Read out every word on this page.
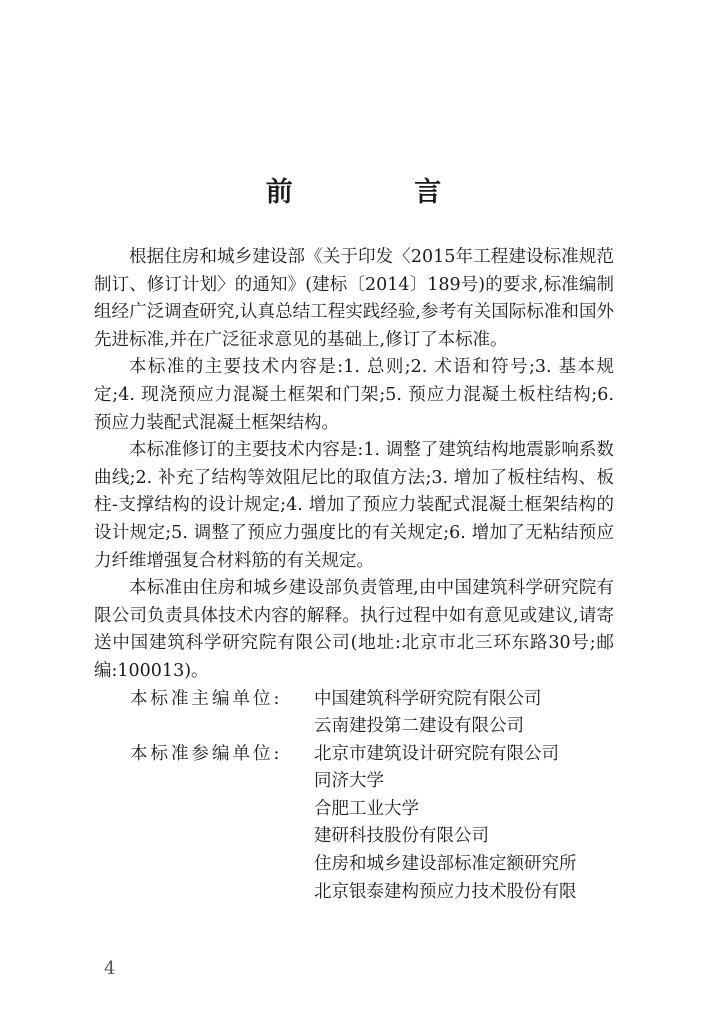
前 言

根据住房和城乡建设部《关于印发〈2015年工程建设标准规范制订、修订计划〉的通知》(建标〔2014〕189号)的要求,标准编制组经广泛调查研究,认真总结工程实践经验,参考有关国际标准和国外先进标准,并在广泛征求意见的基础上,修订了本标准。

本标准的主要技术内容是:1. 总则;2. 术语和符号;3. 基本规定;4. 现浇预应力混凝土框架和门架;5. 预应力混凝土板柱结构;6. 预应力装配式混凝土框架结构。

本标准修订的主要技术内容是:1. 调整了建筑结构地震影响系数曲线;2. 补充了结构等效阻尼比的取值方法;3. 增加了板柱结构、板柱-支撑结构的设计规定;4. 增加了预应力装配式混凝土框架结构的设计规定;5. 调整了预应力强度比的有关规定;6. 增加了无粘结预应力纤维增强复合材料筋的有关规定。

本标准由住房和城乡建设部负责管理,由中国建筑科学研究院有限公司负责具体技术内容的解释。执行过程中如有意见或建议,请寄送中国建筑科学研究院有限公司(地址:北京市北三环东路30号;邮编:100013)。

本标准主编单位:	中国建筑科学研究院有限公司
云南建投第二建设有限公司
本标准参编单位:	北京市建筑设计研究院有限公司
同济大学
合肥工业大学
建研科技股份有限公司
住房和城乡建设部标准定额研究所
北京银泰建构预应力技术股份有限
4
